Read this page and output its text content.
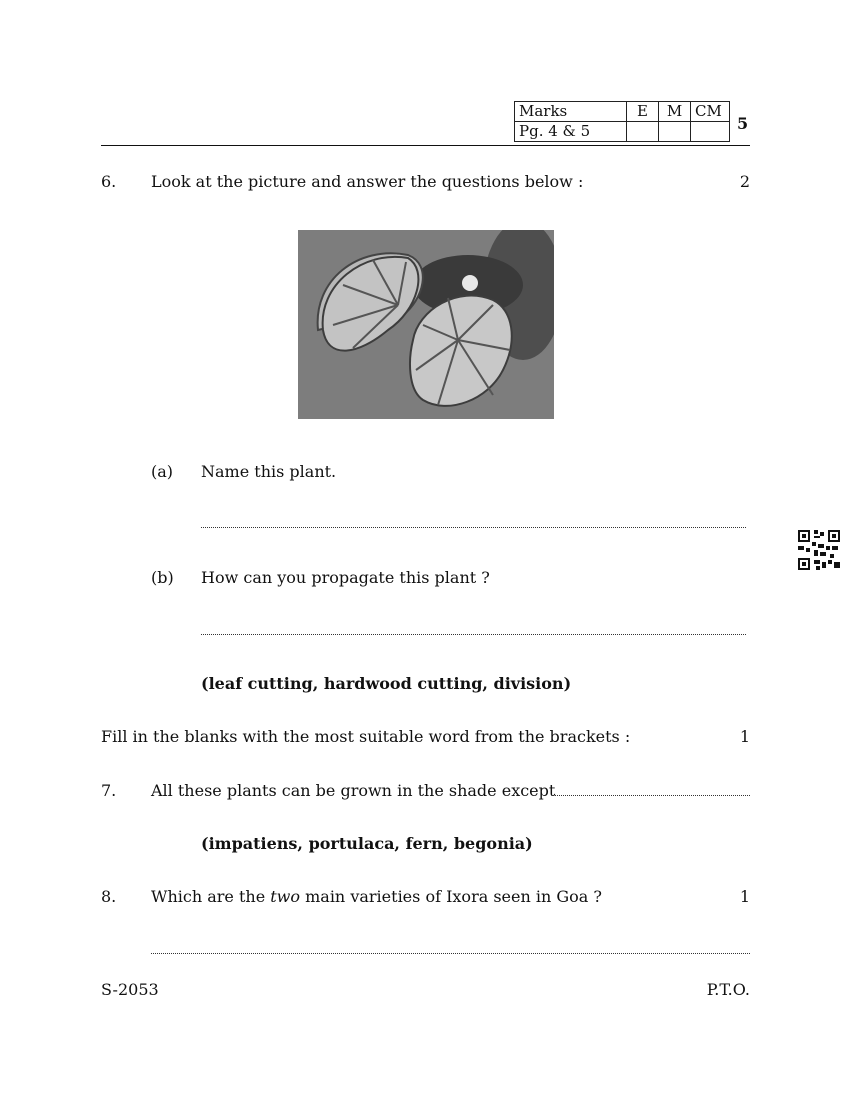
Marks	E	M	CM
Pg. 4 & 5				5
6. Look at the picture and answer the questions below :	2
(a) Name this plant.
(b) How can you propagate this plant ?
(leaf cutting, hardwood cutting, division)
Fill in the blanks with the most suitable word from the brackets :	1
7. All these plants can be grown in the shade except
(impatiens, portulaca, fern, begonia)
8. Which are the two main varieties of Ixora seen in Goa ?	1
S-2053	P.T.O.
